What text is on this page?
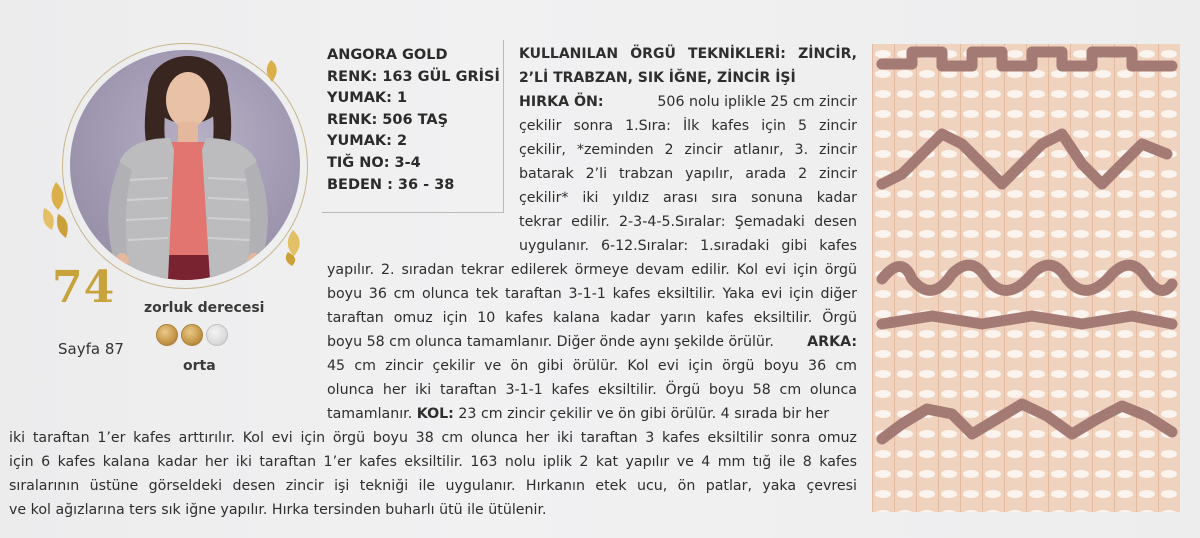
74 zorluk derecesi
orta
Sayfa 87
ANGORA GOLD
RENK: 163 GÜL GRİSİ
YUMAK: 1
RENK: 506 TAŞ
YUMAK: 2
TIĞ NO: 3-4
BEDEN : 36 - 38
KULLANILAN ÖRGÜ TEKNİKLERİ: ZİNCİR,
2’Lİ TRABZAN, SIK İĞNE, ZİNCİR İŞİ
HIRKA ÖN:	506 nolu iplikle 25 cm zincir
çekilir sonra 1.Sıra: İlk kafes için 5 zincir
çekilir, *zeminden 2 zincir atlanır, 3. zincir
batarak 2’li trabzan yapılır, arada 2 zincir
çekilir* iki yıldız arası sıra sonuna kadar
tekrar edilir. 2-3-4-5.Sıralar: Şemadaki desen
uygulanır. 6-12.Sıralar: 1.sıradaki gibi kafes
yapılır. 2. sıradan tekrar edilerek örmeye devam edilir. Kol evi için örgü
boyu 36 cm olunca tek taraftan 3-1-1 kafes eksiltilir. Yaka evi için diğer
taraftan omuz için 10 kafes kalana kadar yarın kafes eksiltilir. Örgü
boyu 58 cm olunca tamamlanır. Diğer önde aynı şekilde örülür. ARKA:
45 cm zincir çekilir ve ön gibi örülür. Kol evi için örgü boyu 36 cm
olunca her iki taraftan 3-1-1 kafes eksiltilir. Örgü boyu 58 cm olunca
tamamlanır. KOL: 23 cm zincir çekilir ve ön gibi örülür. 4 sırada bir her
iki taraftan 1’er kafes arttırılır. Kol evi için örgü boyu 38 cm olunca her iki taraftan 3 kafes eksiltilir sonra omuz
için 6 kafes kalana kadar her iki taraftan 1’er kafes eksiltilir. 163 nolu iplik 2 kat yapılır ve 4 mm tığ ile 8 kafes
sıralarının üstüne görseldeki desen zincir işi tekniği ile uygulanır. Hırkanın etek ucu, ön patlar, yaka çevresi
ve kol ağızlarına ters sık iğne yapılır. Hırka tersinden buharlı ütü ile ütülenir.
